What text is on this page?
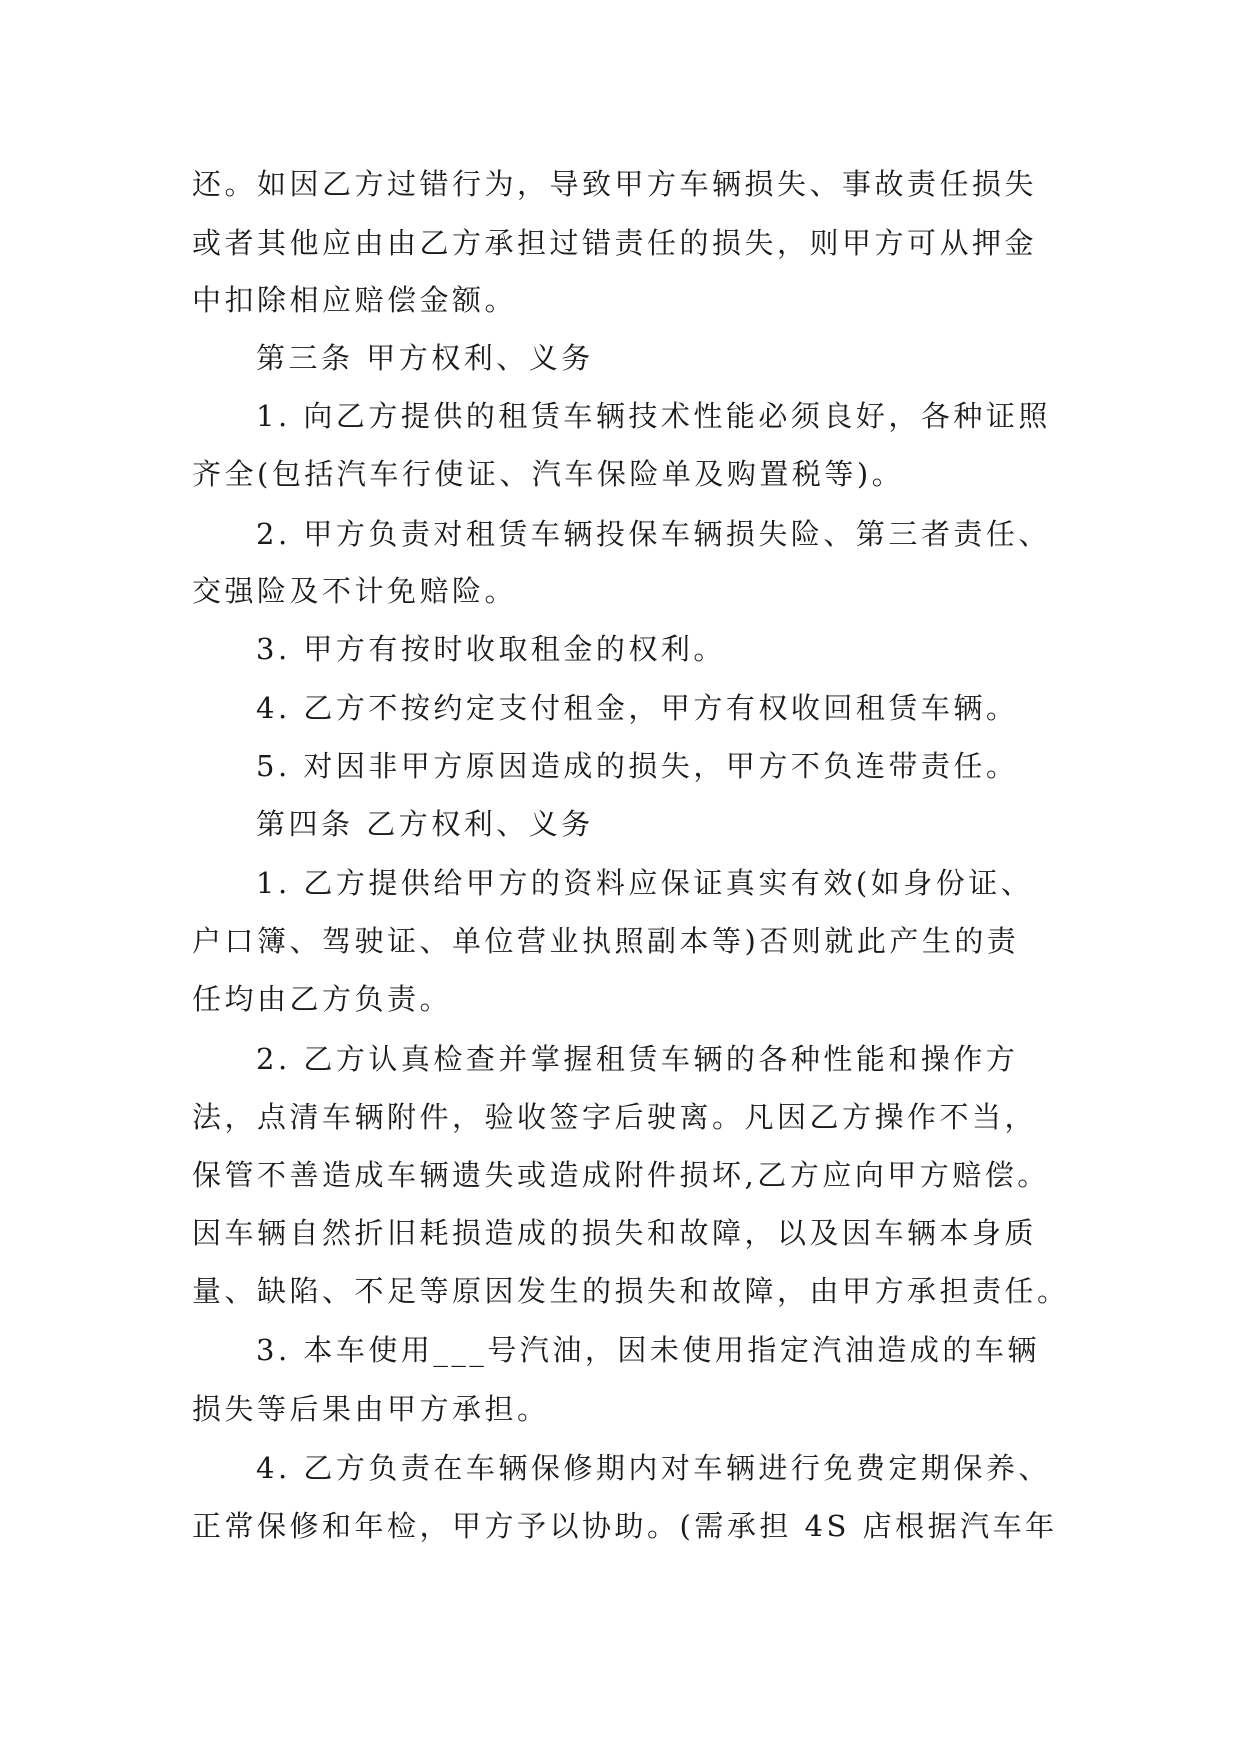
还。如因乙方过错行为，导致甲方车辆损失、事故责任损失
或者其他应由由乙方承担过错责任的损失，则甲方可从押金
中扣除相应赔偿金额。
第三条 甲方权利、义务
1. 向乙方提供的租赁车辆技术性能必须良好，各种证照
齐全(包括汽车行使证、汽车保险单及购置税等)。
2. 甲方负责对租赁车辆投保车辆损失险、第三者责任、
交强险及不计免赔险。
3. 甲方有按时收取租金的权利。
4. 乙方不按约定支付租金，甲方有权收回租赁车辆。
5. 对因非甲方原因造成的损失，甲方不负连带责任。
第四条 乙方权利、义务
1. 乙方提供给甲方的资料应保证真实有效(如身份证、
户口簿、驾驶证、单位营业执照副本等)否则就此产生的责
任均由乙方负责。
2. 乙方认真检查并掌握租赁车辆的各种性能和操作方
法，点清车辆附件，验收签字后驶离。凡因乙方操作不当，
保管不善造成车辆遗失或造成附件损坏,乙方应向甲方赔偿。
因车辆自然折旧耗损造成的损失和故障，以及因车辆本身质
量、缺陷、不足等原因发生的损失和故障，由甲方承担责任。
3. 本车使用___号汽油，因未使用指定汽油造成的车辆
损失等后果由甲方承担。
4. 乙方负责在车辆保修期内对车辆进行免费定期保养、
正常保修和年检，甲方予以协助。(需承担 4S 店根据汽车年
